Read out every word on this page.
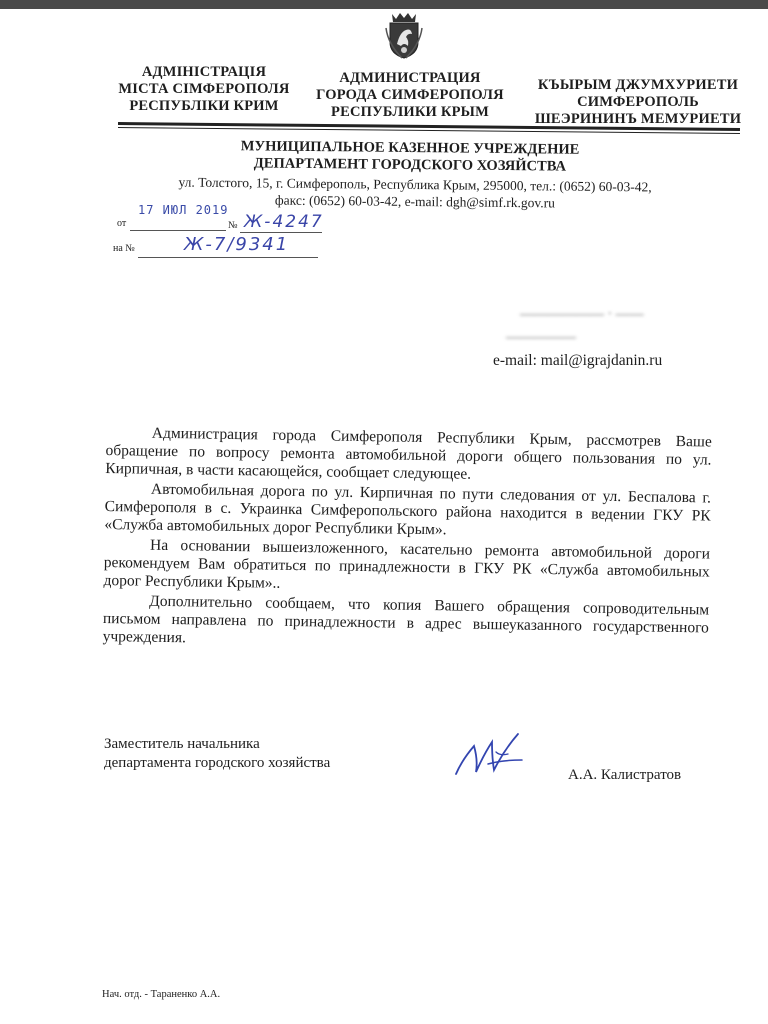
АДМІНІСТРАЦІЯ
МІСТА СІМФЕРОПОЛЯ
РЕСПУБЛІКИ КРИМ
АДМИНИСТРАЦИЯ
ГОРОДА СИМФЕРОПОЛЯ
РЕСПУБЛИКИ КРЫМ
КЪЫРЫМ ДЖУМХУРИЕТИ
СИМФЕРОПОЛЬ
ШЕЭРИНИНЪ МЕМУРИЕТИ
МУНИЦИПАЛЬНОЕ КАЗЕННОЕ УЧРЕЖДЕНИЕ
ДЕПАРТАМЕНТ ГОРОДСКОГО ХОЗЯЙСТВА
ул. Толстого, 15, г. Симферополь, Республика Крым, 295000, тел.: (0652) 60-03-42,
факс: (0652) 60-03-42, e-mail: dgh@simf.rk.gov.ru
от
17 ИЮЛ 2019
№ Ж-4247
на №	Ж-7/9341
—————— · ——
—————
e-mail: mail@igrajdanin.ru

Администрация города Симферополя Республики Крым, рассмотрев Ваше обращение по вопросу ремонта автомобильной дороги общего пользования по ул. Кирпичная, в части касающейся, сообщает следующее.

Автомобильная дорога по ул. Кирпичная по пути следования от ул. Беспалова г. Симферополя в с. Украинка Симферопольского района находится в ведении ГКУ РК «Служба автомобильных дорог Республики Крым».

На основании вышеизложенного, касательно ремонта автомобильной дороги рекомендуем Вам обратиться по принадлежности в ГКУ РК «Служба автомобильных дорог Республики Крым»..

Дополнительно сообщаем, что копия Вашего обращения сопроводительным письмом направлена по принадлежности в адрес вышеуказанного государственного учреждения.

Заместитель начальника
департамента городского хозяйства
А.А. Калистратов
Нач. отд. - Тараненко А.А.
